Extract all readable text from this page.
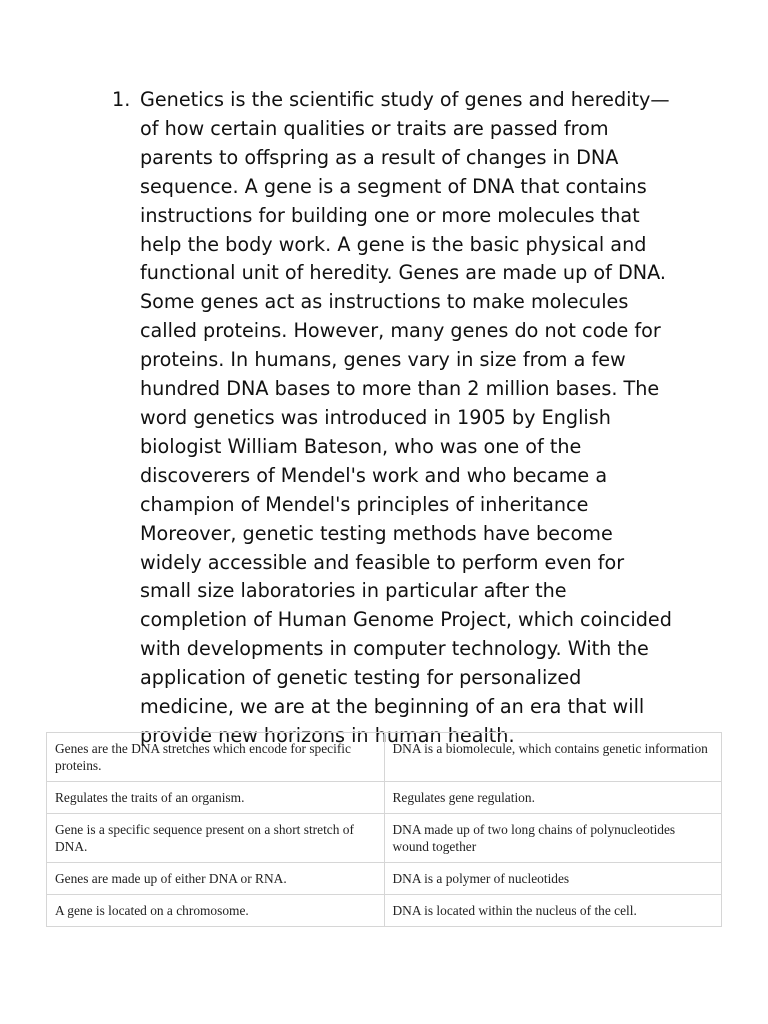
1. Genetics is the scientific study of genes and heredity—of how certain qualities or traits are passed from parents to offspring as a result of changes in DNA sequence. A gene is a segment of DNA that contains instructions for building one or more molecules that help the body work. A gene is the basic physical and functional unit of heredity. Genes are made up of DNA. Some genes act as instructions to make molecules called proteins. However, many genes do not code for proteins. In humans, genes vary in size from a few hundred DNA bases to more than 2 million bases. The word genetics was introduced in 1905 by English biologist William Bateson, who was one of the discoverers of Mendel's work and who became a champion of Mendel's principles of inheritance Moreover, genetic testing methods have become widely accessible and feasible to perform even for small size laboratories in particular after the completion of Human Genome Project, which coincided with developments in computer technology. With the application of genetic testing for personalized medicine, we are at the beginning of an era that will provide new horizons in human health.
Genes are the DNA stretches which encode for specific proteins.	DNA is a biomolecule, which contains genetic information
Regulates the traits of an organism.	Regulates gene regulation.
Gene is a specific sequence present on a short stretch of DNA.	DNA made up of two long chains of polynucleotides wound together
Genes are made up of either DNA or RNA.	DNA is a polymer of nucleotides
A gene is located on a chromosome.	DNA is located within the nucleus of the cell.
